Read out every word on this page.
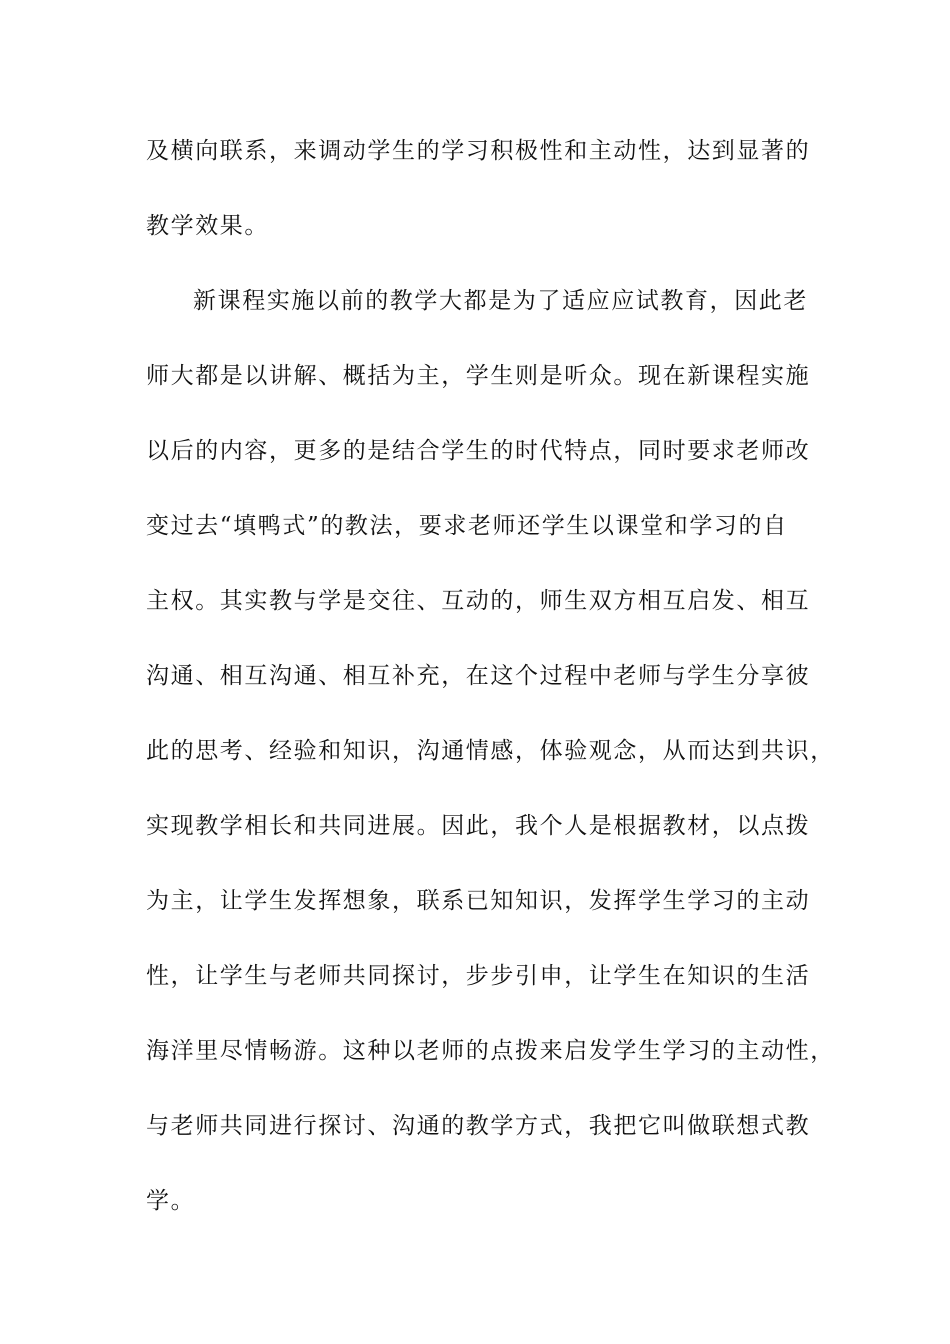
及横向联系，来调动学生的学习积极性和主动性，达到显著的
教学效果。
新课程实施以前的教学大都是为了适应应试教育，因此老
师大都是以讲解、概括为主，学生则是听众。现在新课程实施
以后的内容，更多的是结合学生的时代特点，同时要求老师改
变过去“填鸭式”的教法，要求老师还学生以课堂和学习的自
主权。其实教与学是交往、互动的，师生双方相互启发、相互
沟通、相互沟通、相互补充，在这个过程中老师与学生分享彼
此的思考、经验和知识，沟通情感，体验观念，从而达到共识，
实现教学相长和共同进展。因此，我个人是根据教材，以点拨
为主，让学生发挥想象，联系已知知识，发挥学生学习的主动
性，让学生与老师共同探讨，步步引申，让学生在知识的生活
海洋里尽情畅游。这种以老师的点拨来启发学生学习的主动性，
与老师共同进行探讨、沟通的教学方式，我把它叫做联想式教
学。
